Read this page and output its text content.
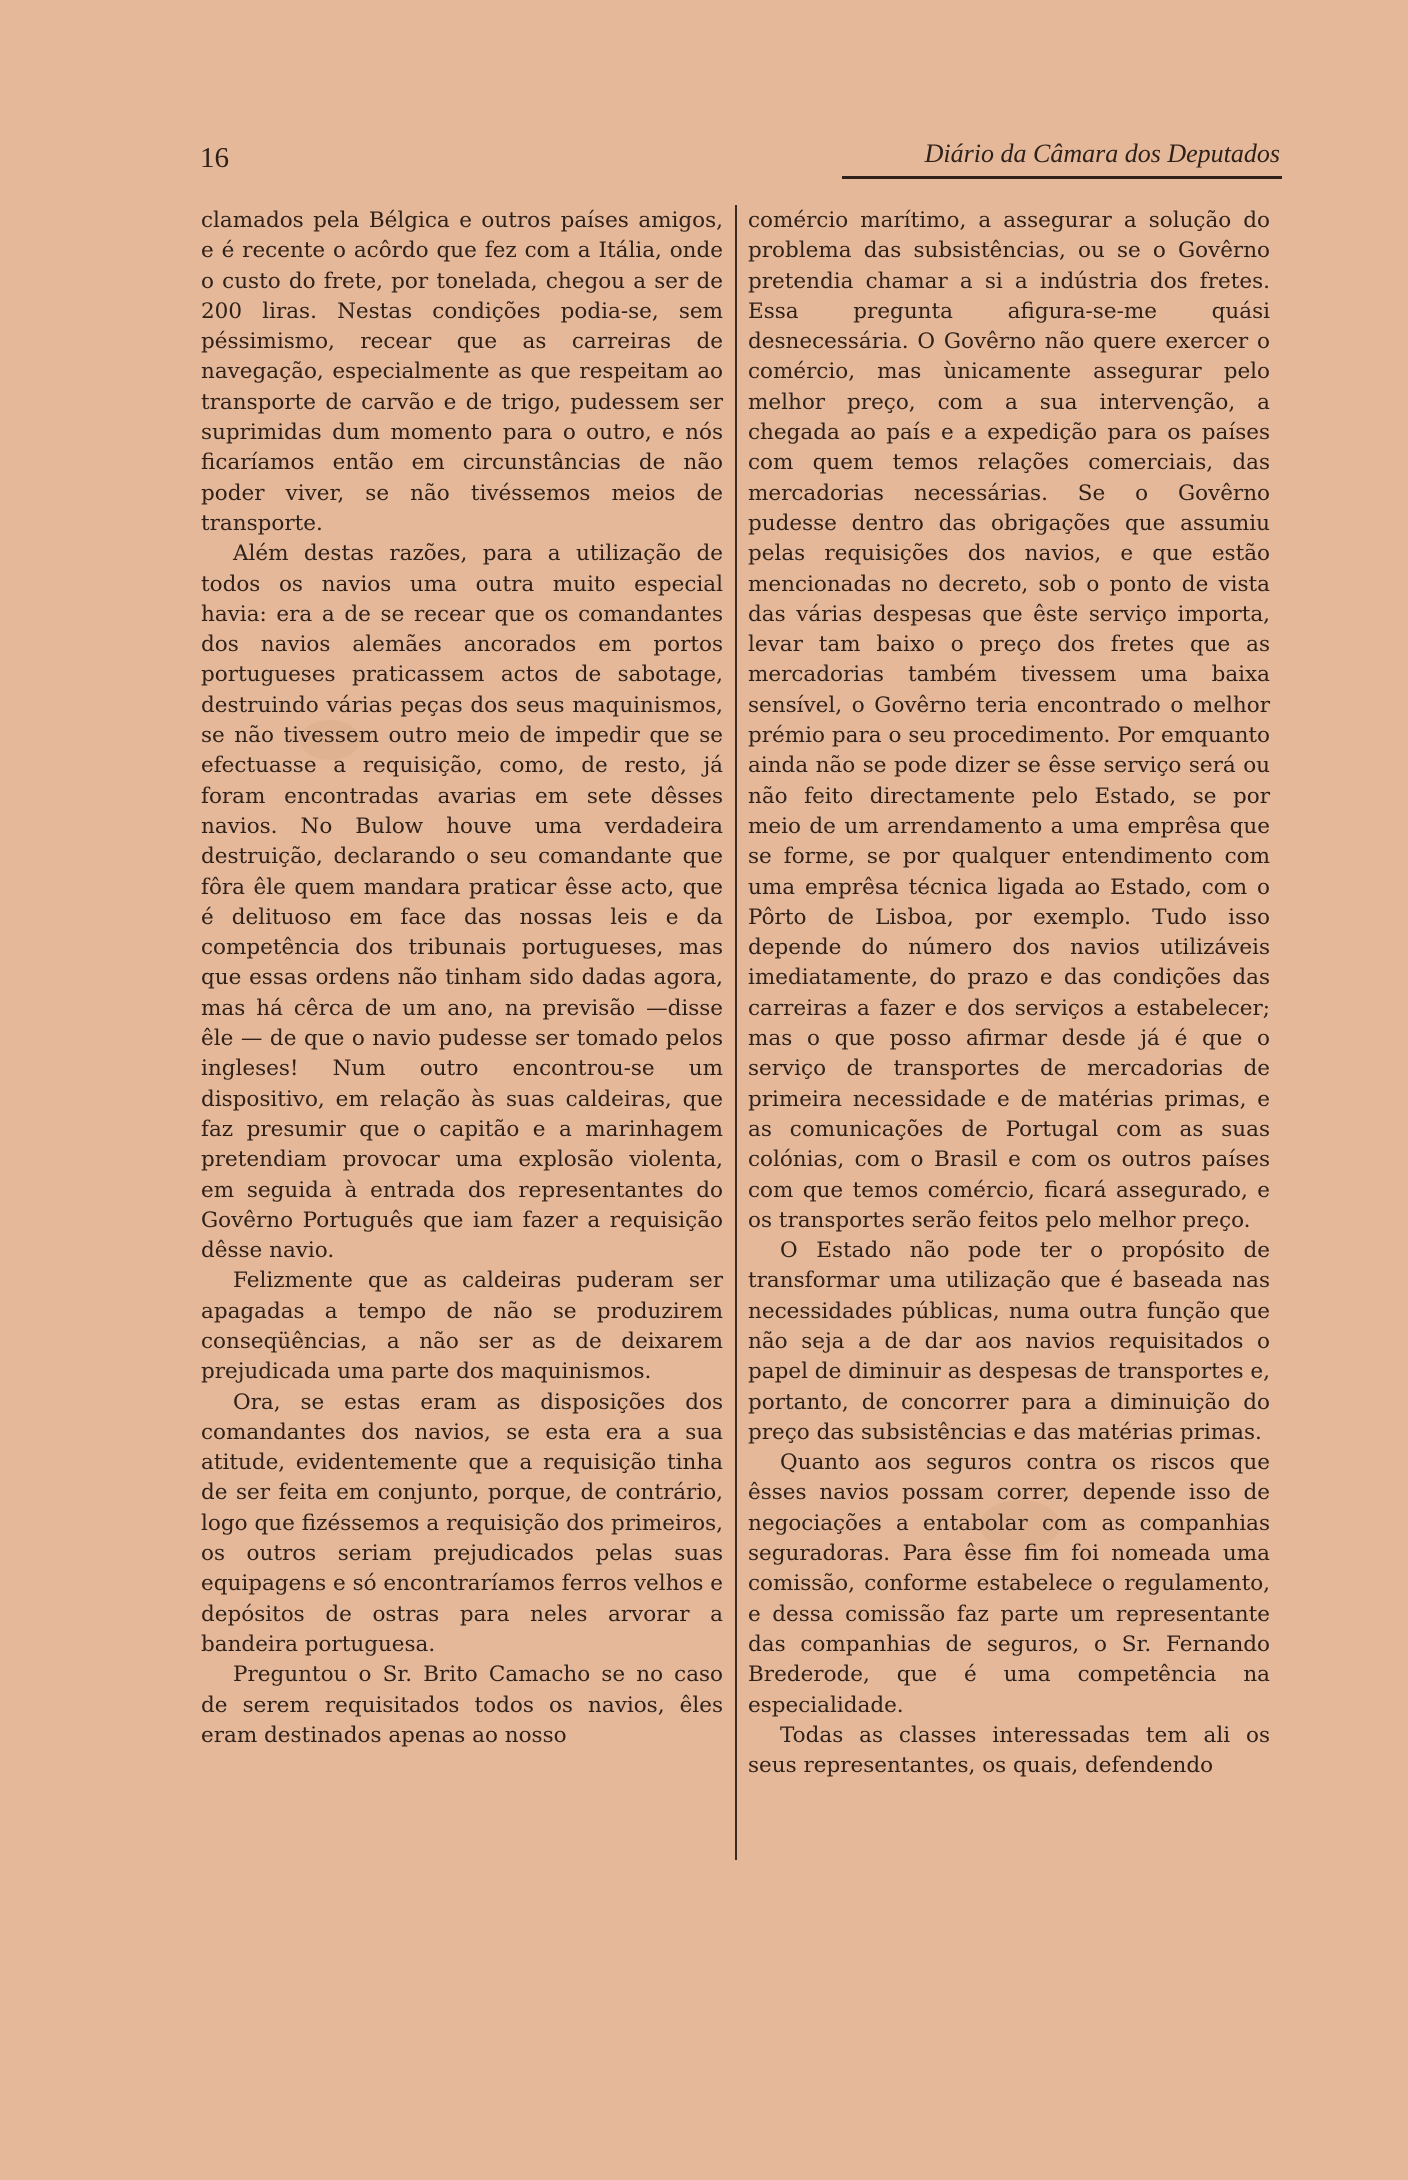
16	Diário da Câmara dos Deputados

clamados pela Bélgica e outros países amigos, e é recente o acôrdo que fez com a Itália, onde o custo do frete, por tonelada, chegou a ser de 200 liras. Nestas condições podia-se, sem péssimismo, recear que as carreiras de navegação, especialmente as que respeitam ao transporte de carvão e de trigo, pudessem ser suprimidas dum momento para o outro, e nós ficaríamos então em circunstâncias de não poder viver, se não tivéssemos meios de transporte.

Além destas razões, para a utilização de todos os navios uma outra muito especial havia: era a de se recear que os comandantes dos navios alemães ancorados em portos portugueses praticassem actos de sabotage, destruindo várias peças dos seus maquinismos, se não tivessem outro meio de impedir que se efectuasse a requisição, como, de resto, já foram encontradas avarias em sete dêsses navios. No Bulow houve uma verdadeira destruição, declarando o seu comandante que fôra êle quem mandara praticar êsse acto, que é delituoso em face das nossas leis e da competência dos tribunais portugueses, mas que essas ordens não tinham sido dadas agora, mas há cêrca de um ano, na previsão —disse êle — de que o navio pudesse ser tomado pelos ingleses! Num outro encontrou-se um dispositivo, em relação às suas caldeiras, que faz presumir que o capitão e a marinhagem pretendiam provocar uma explosão violenta, em seguida à entrada dos representantes do Govêrno Português que iam fazer a requisição dêsse navio.

Felizmente que as caldeiras puderam ser apagadas a tempo de não se produzirem conseqüências, a não ser as de deixarem prejudicada uma parte dos maquinismos.

Ora, se estas eram as disposições dos comandantes dos navios, se esta era a sua atitude, evidentemente que a requisição tinha de ser feita em conjunto, porque, de contrário, logo que fizéssemos a requisição dos primeiros, os outros seriam prejudicados pelas suas equipagens e só encontraríamos ferros velhos e depósitos de ostras para neles arvorar a bandeira portuguesa.

Preguntou o Sr. Brito Camacho se no caso de serem requisitados todos os navios, êles eram destinados apenas ao nosso

comércio marítimo, a assegurar a solução do problema das subsistências, ou se o Govêrno pretendia chamar a si a indústria dos fretes. Essa pregunta afigura-se-me quási desnecessária. O Govêrno não quere exercer o comércio, mas ùnicamente assegurar pelo melhor preço, com a sua intervenção, a chegada ao país e a expedição para os países com quem temos relações comerciais, das mercadorias necessárias. Se o Govêrno pudesse dentro das obrigações que assumiu pelas requisições dos navios, e que estão mencionadas no decreto, sob o ponto de vista das várias despesas que êste serviço importa, levar tam baixo o preço dos fretes que as mercadorias também tivessem uma baixa sensível, o Govêrno teria encontrado o melhor prémio para o seu procedimento. Por emquanto ainda não se pode dizer se êsse serviço será ou não feito directamente pelo Estado, se por meio de um arrendamento a uma emprêsa que se forme, se por qualquer entendimento com uma emprêsa técnica ligada ao Estado, com o Pôrto de Lisboa, por exemplo. Tudo isso depende do número dos navios utilizáveis imediatamente, do prazo e das condições das carreiras a fazer e dos serviços a estabelecer; mas o que posso afirmar desde já é que o serviço de transportes de mercadorias de primeira necessidade e de matérias primas, e as comunicações de Portugal com as suas colónias, com o Brasil e com os outros países com que temos comércio, ficará assegurado, e os transportes serão feitos pelo melhor preço.

O Estado não pode ter o propósito de transformar uma utilização que é baseada nas necessidades públicas, numa outra função que não seja a de dar aos navios requisitados o papel de diminuir as despesas de transportes e, portanto, de concorrer para a diminuição do preço das subsistências e das matérias primas.

Quanto aos seguros contra os riscos que êsses navios possam correr, depende isso de negociações a entabolar com as companhias seguradoras. Para êsse fim foi nomeada uma comissão, conforme estabelece o regulamento, e dessa comissão faz parte um representante das companhias de seguros, o Sr. Fernando Brederode, que é uma competência na especialidade.

Todas as classes interessadas tem ali os seus representantes, os quais, defendendo
